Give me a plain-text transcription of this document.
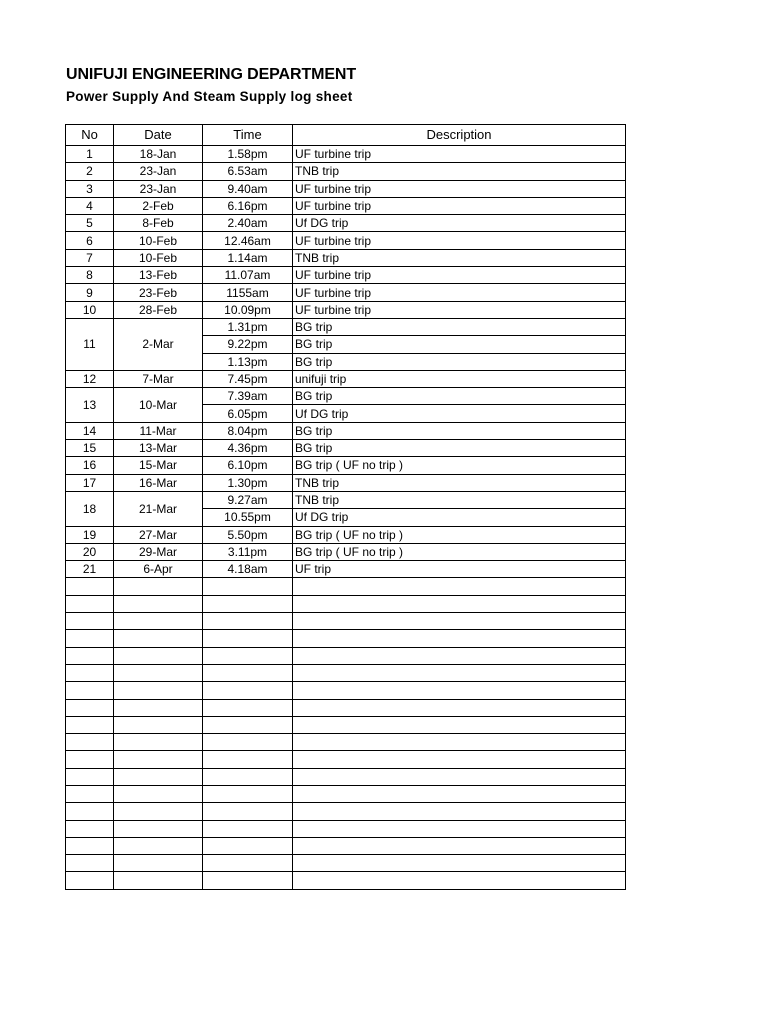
UNIFUJI ENGINEERING DEPARTMENT
Power Supply And Steam Supply log sheet
No	Date	Time	Description
1	18-Jan	1.58pm	UF turbine trip
2	23-Jan	6.53am	TNB trip
3	23-Jan	9.40am	UF turbine trip
4	2-Feb	6.16pm	UF turbine trip
5	8-Feb	2.40am	Uf DG trip
6	10-Feb	12.46am	UF turbine trip
7	10-Feb	1.14am	TNB trip
8	13-Feb	11.07am	UF turbine trip
9	23-Feb	1155am	UF turbine trip
10	28-Feb	10.09pm	UF turbine trip
11	2-Mar	1.31pm	BG trip
		9.22pm	BG trip
		1.13pm	BG trip
12	7-Mar	7.45pm	unifuji trip
13	10-Mar	7.39am	BG trip
		6.05pm	Uf DG trip
14	11-Mar	8.04pm	BG trip
15	13-Mar	4.36pm	BG trip
16	15-Mar	6.10pm	BG trip ( UF no trip )
17	16-Mar	1.30pm	TNB trip
18	21-Mar	9.27am	TNB trip
		10.55pm	Uf DG trip
19	27-Mar	5.50pm	BG trip ( UF no trip )
20	29-Mar	3.11pm	BG trip ( UF no trip )
21	6-Apr	4.18am	UF trip
